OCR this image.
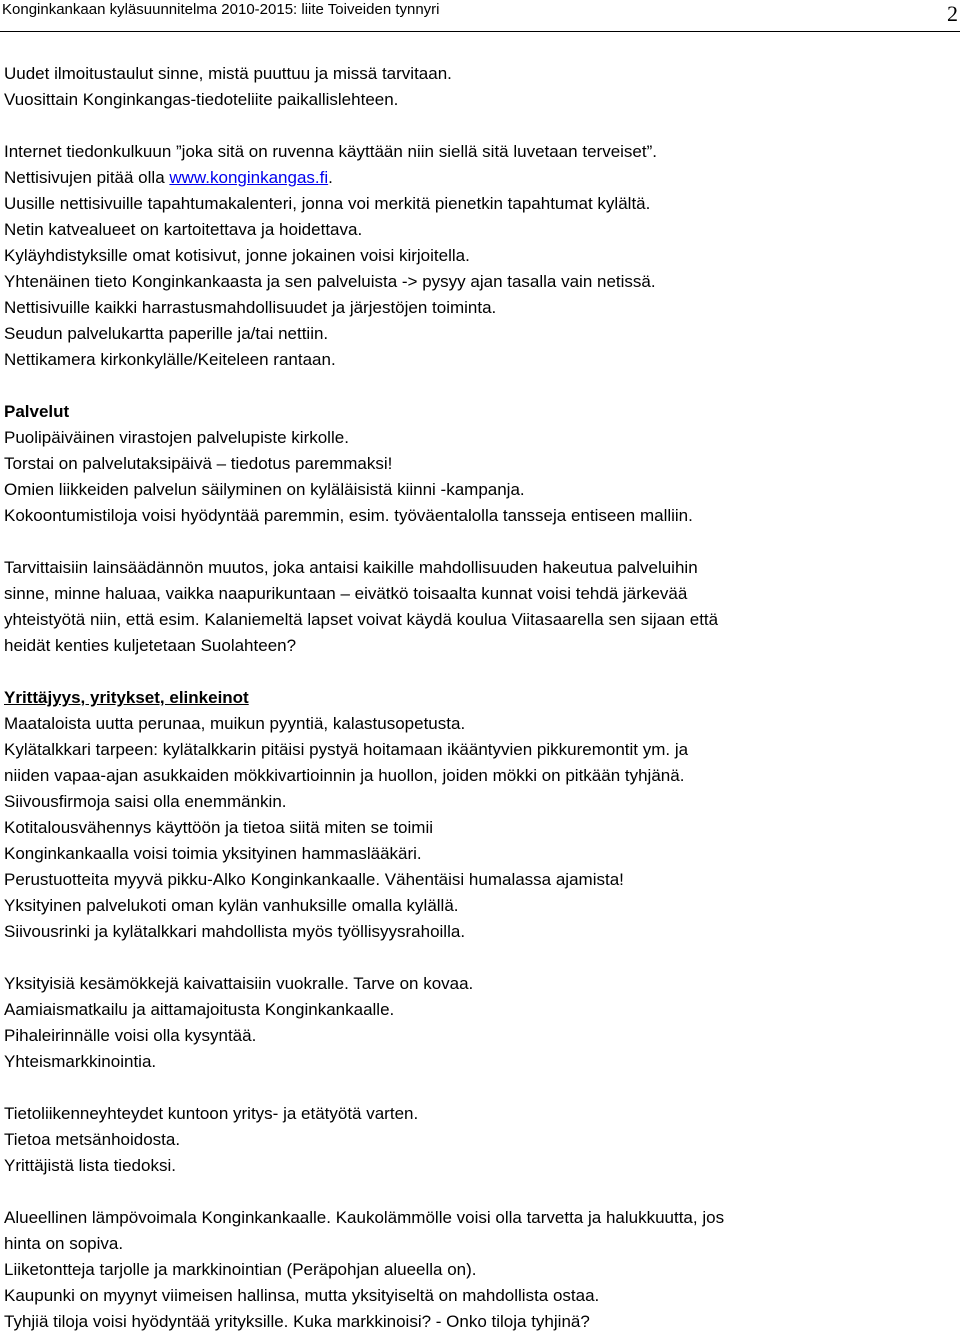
Konginkankaan kyläsuunnitelma 2010-2015: liite Toiveiden tynnyri	2

Uudet ilmoitustaulut sinne, mistä puuttuu ja missä tarvitaan.

Vuosittain Konginkangas-tiedoteliite paikallislehteen.

Internet tiedonkulkuun ”joka sitä on ruvenna käyttään niin siellä sitä luvetaan terveiset”.

Nettisivujen pitää olla www.konginkangas.fi.

Uusille nettisivuille tapahtumakalenteri, jonna voi merkitä pienetkin tapahtumat kylältä.

Netin katvealueet on kartoitettava ja hoidettava.

Kyläyhdistyksille omat kotisivut, jonne jokainen voisi kirjoitella.

Yhtenäinen tieto Konginkankaasta ja sen palveluista -> pysyy ajan tasalla vain netissä.

Nettisivuille kaikki harrastusmahdollisuudet ja järjestöjen toiminta.

Seudun palvelukartta paperille ja/tai nettiin.

Nettikamera kirkonkylälle/Keiteleen rantaan.

Palvelut

Puolipäiväinen virastojen palvelupiste kirkolle.

Torstai on palvelutaksipäivä – tiedotus paremmaksi!

Omien liikkeiden palvelun säilyminen on kyläläisistä kiinni -kampanja.

Kokoontumistiloja voisi hyödyntää paremmin, esim. työväentalolla tansseja entiseen malliin.

Tarvittaisiin lainsäädännön muutos, joka antaisi kaikille mahdollisuuden hakeutua palveluihin

sinne, minne haluaa, vaikka naapurikuntaan – eivätkö toisaalta kunnat voisi tehdä järkevää

yhteistyötä niin, että esim. Kalaniemeltä lapset voivat käydä koulua Viitasaarella sen sijaan että

heidät kenties kuljetetaan Suolahteen?

Yrittäjyys, yritykset, elinkeinot

Maataloista uutta perunaa, muikun pyyntiä, kalastusopetusta.

Kylätalkkari tarpeen: kylätalkkarin pitäisi pystyä hoitamaan ikääntyvien pikkuremontit ym. ja

niiden vapaa-ajan asukkaiden mökkivartioinnin ja huollon, joiden mökki on pitkään tyhjänä.

Siivousfirmoja saisi olla enemmänkin.

Kotitalousvähennys käyttöön ja tietoa siitä miten se toimii

Konginkankaalla voisi toimia yksityinen hammaslääkäri.

Perustuotteita myyvä pikku-Alko Konginkankaalle. Vähentäisi humalassa ajamista!

Yksityinen palvelukoti oman kylän vanhuksille omalla kylällä.

Siivousrinki ja kylätalkkari mahdollista myös työllisyysrahoilla.

Yksityisiä kesämökkejä kaivattaisiin vuokralle. Tarve on kovaa.

Aamiaismatkailu ja aittamajoitusta Konginkankaalle.

Pihaleirinnälle voisi olla kysyntää.

Yhteismarkkinointia.

Tietoliikenneyhteydet kuntoon yritys- ja etätyötä varten.

Tietoa metsänhoidosta.

Yrittäjistä lista tiedoksi.

Alueellinen lämpövoimala Konginkankaalle. Kaukolämmölle voisi olla tarvetta ja halukkuutta, jos

hinta on sopiva.

Liiketontteja tarjolle ja markkinointian (Peräpohjan alueella on).

Kaupunki on myynyt viimeisen hallinsa, mutta yksityiseltä on mahdollista ostaa.

Tyhjiä tiloja voisi hyödyntää yrityksille. Kuka markkinoisi? - Onko tiloja tyhjinä?
